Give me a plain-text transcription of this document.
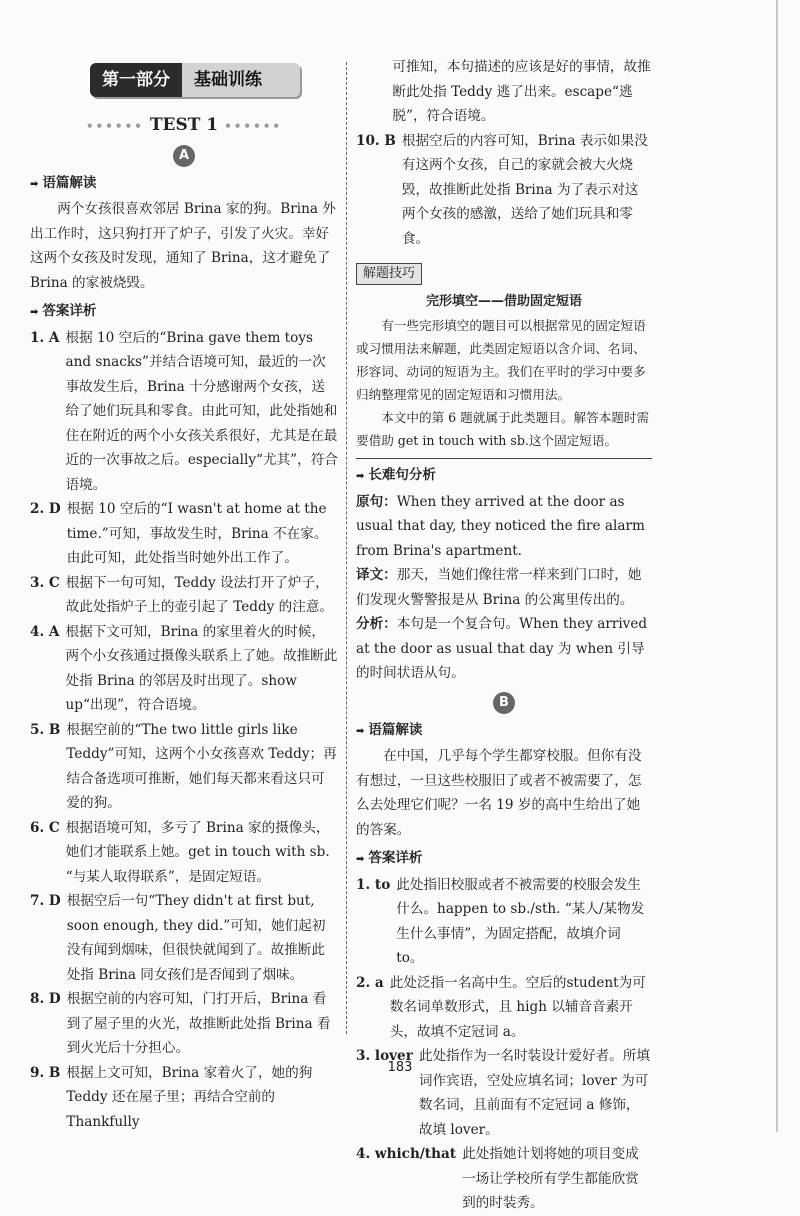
第一部分	基础训练
•••••• TEST 1 ••••••
A
➡ 语篇解读

两个女孩很喜欢邻居 Brina 家的狗。Brina 外出工作时，这只狗打开了炉子，引发了火灾。幸好这两个女孩及时发现，通知了 Brina，这才避免了 Brina 的家被烧毁。

➡ 答案详析
1. A 根据 10 空后的“Brina gave them toys and snacks”并结合语境可知，最近的一次事故发生后，Brina 十分感谢两个女孩，送给了她们玩具和零食。由此可知，此处指她和住在附近的两个小女孩关系很好，尤其是在最近的一次事故之后。especially“尤其”，符合语境。
2. D 根据 10 空后的“I wasn't at home at the time.”可知，事故发生时，Brina 不在家。由此可知，此处指当时她外出工作了。
3. C 根据下一句可知，Teddy 设法打开了炉子，故此处指炉子上的壶引起了 Teddy 的注意。
4. A 根据下文可知，Brina 的家里着火的时候，两个小女孩通过摄像头联系上了她。故推断此处指 Brina 的邻居及时出现了。show up“出现”，符合语境。
5. B 根据空前的“The two little girls like Teddy”可知，这两个小女孩喜欢 Teddy；再结合备选项可推断，她们每天都来看这只可爱的狗。
6. C 根据语境可知，多亏了 Brina 家的摄像头，她们才能联系上她。get in touch with sb. “与某人取得联系”，是固定短语。
7. D 根据空后一句“They didn't at first but, soon enough, they did.”可知，她们起初没有闻到烟味，但很快就闻到了。故推断此处指 Brina 同女孩们是否闻到了烟味。
8. D 根据空前的内容可知，门打开后，Brina 看到了屋子里的火光，故推断此处指 Brina 看到火光后十分担心。
9. B 根据上文可知，Brina 家着火了，她的狗 Teddy 还在屋子里；再结合空前的 Thankfully
可推知，本句描述的应该是好的事情，故推断此处指 Teddy 逃了出来。escape“逃脱”，符合语境。
10. B 根据空后的内容可知，Brina 表示如果没有这两个女孩，自己的家就会被大火烧毁，故推断此处指 Brina 为了表示对这两个女孩的感激，送给了她们玩具和零食。
解题技巧
完形填空——借助固定短语

有一些完形填空的题目可以根据常见的固定短语或习惯用法来解题，此类固定短语以含介词、名词、形容词、动词的短语为主。我们在平时的学习中要多归纳整理常见的固定短语和习惯用法。

本文中的第 6 题就属于此类题目。解答本题时需要借助 get in touch with sb.这个固定短语。

➡ 长难句分析

原句：When they arrived at the door as usual that day, they noticed the fire alarm from Brina's apartment.

译文：那天，当她们像往常一样来到门口时，她们发现火警警报是从 Brina 的公寓里传出的。

分析：本句是一个复合句。When they arrived at the door as usual that day 为 when 引导的时间状语从句。

B
➡ 语篇解读

在中国，几乎每个学生都穿校服。但你有没有想过，一旦这些校服旧了或者不被需要了，怎么去处理它们呢？一名 19 岁的高中生给出了她的答案。

➡ 答案详析
1. to 此处指旧校服或者不被需要的校服会发生什么。happen to sb./sth. “某人/某物发生什么事情”，为固定搭配，故填介词 to。
2. a 此处泛指一名高中生。空后的student为可数名词单数形式，且 high 以辅音音素开头，故填不定冠词 a。
3. lover 此处指作为一名时装设计爱好者。所填词作宾语，空处应填名词；lover 为可数名词，且前面有不定冠词 a 修饰，故填 lover。
4. which/that 此处指她计划将她的项目变成一场让学校所有学生都能欣赏到的时装秀。
183
